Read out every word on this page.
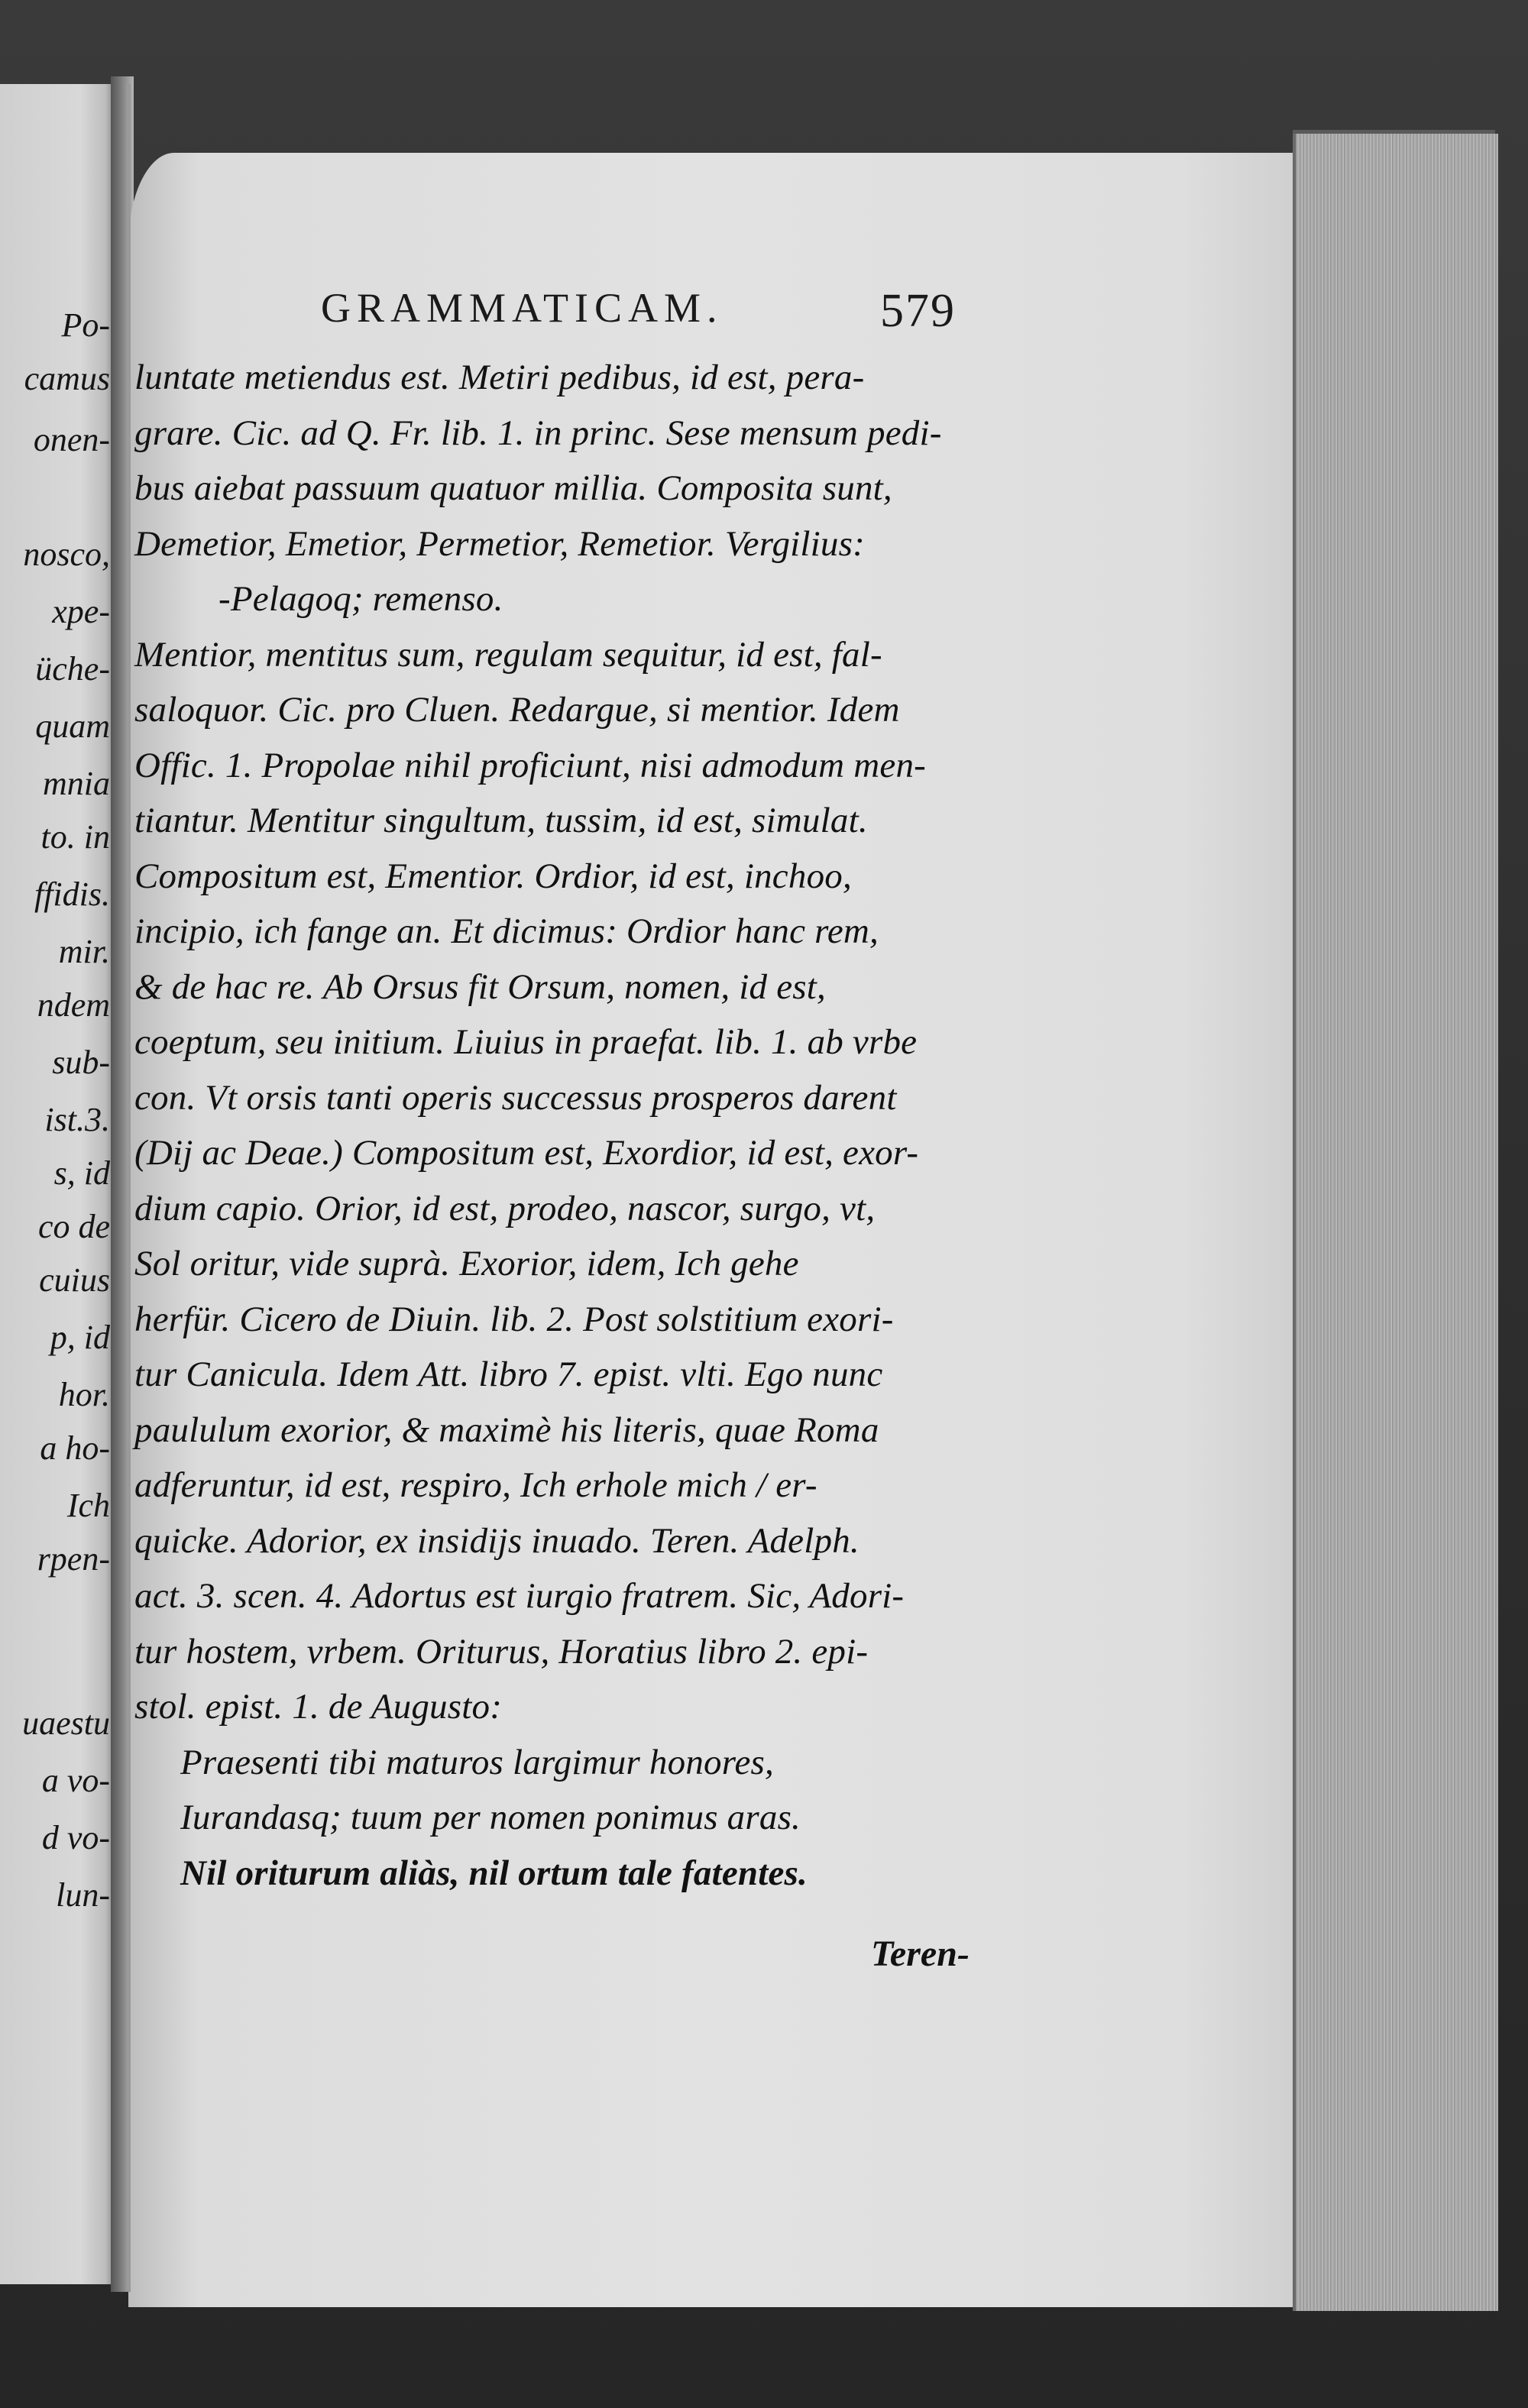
Po-
camus
onen-
nosco,
xpe-
üche-
quam
mnia
to. in
ffidis.
mir.
ndem
sub-
ist.3.
s, id
co de
cuius
p, id
hor.
a ho-
Ich
rpen-
uaestu
a vo-
d vo-
lun-
GRAMMATICAM.	579
luntate metiendus est. Metiri pedibus, id est, pera-
grare. Cic. ad Q. Fr. lib. 1. in princ. Sese mensum pedi-
bus aiebat passuum quatuor millia. Composita sunt,
Demetior, Emetior, Permetior, Remetior. Vergilius:
-Pelagoq; remenso.
Mentior, mentitus sum, regulam sequitur, id est, fal-
saloquor. Cic. pro Cluen. Redargue, si mentior. Idem
Offic. 1. Propolae nihil proficiunt, nisi admodum men-
tiantur. Mentitur singultum, tussim, id est, simulat.
Compositum est, Ementior. Ordior, id est, inchoo,
incipio, ich fange an. Et dicimus: Ordior hanc rem,
& de hac re. Ab Orsus fit Orsum, nomen, id est,
coeptum, seu initium. Liuius in praefat. lib. 1. ab vrbe
con. Vt orsis tanti operis successus prosperos darent
(Dij ac Deae.) Compositum est, Exordior, id est, exor-
dium capio. Orior, id est, prodeo, nascor, surgo, vt,
Sol oritur, vide suprà. Exorior, idem, Ich gehe
herfür. Cicero de Diuin. lib. 2. Post solstitium exori-
tur Canicula. Idem Att. libro 7. epist. vlti. Ego nunc
paululum exorior, & maximè his literis, quae Roma
adferuntur, id est, respiro, Ich erhole mich / er-
quicke. Adorior, ex insidijs inuado. Teren. Adelph.
act. 3. scen. 4. Adortus est iurgio fratrem. Sic, Adori-
tur hostem, vrbem. Oriturus, Horatius libro 2. epi-
stol. epist. 1. de Augusto:
Praesenti tibi maturos largimur honores,
Iurandasq; tuum per nomen ponimus aras.
Nil oriturum aliàs, nil ortum tale fatentes.
Teren-
